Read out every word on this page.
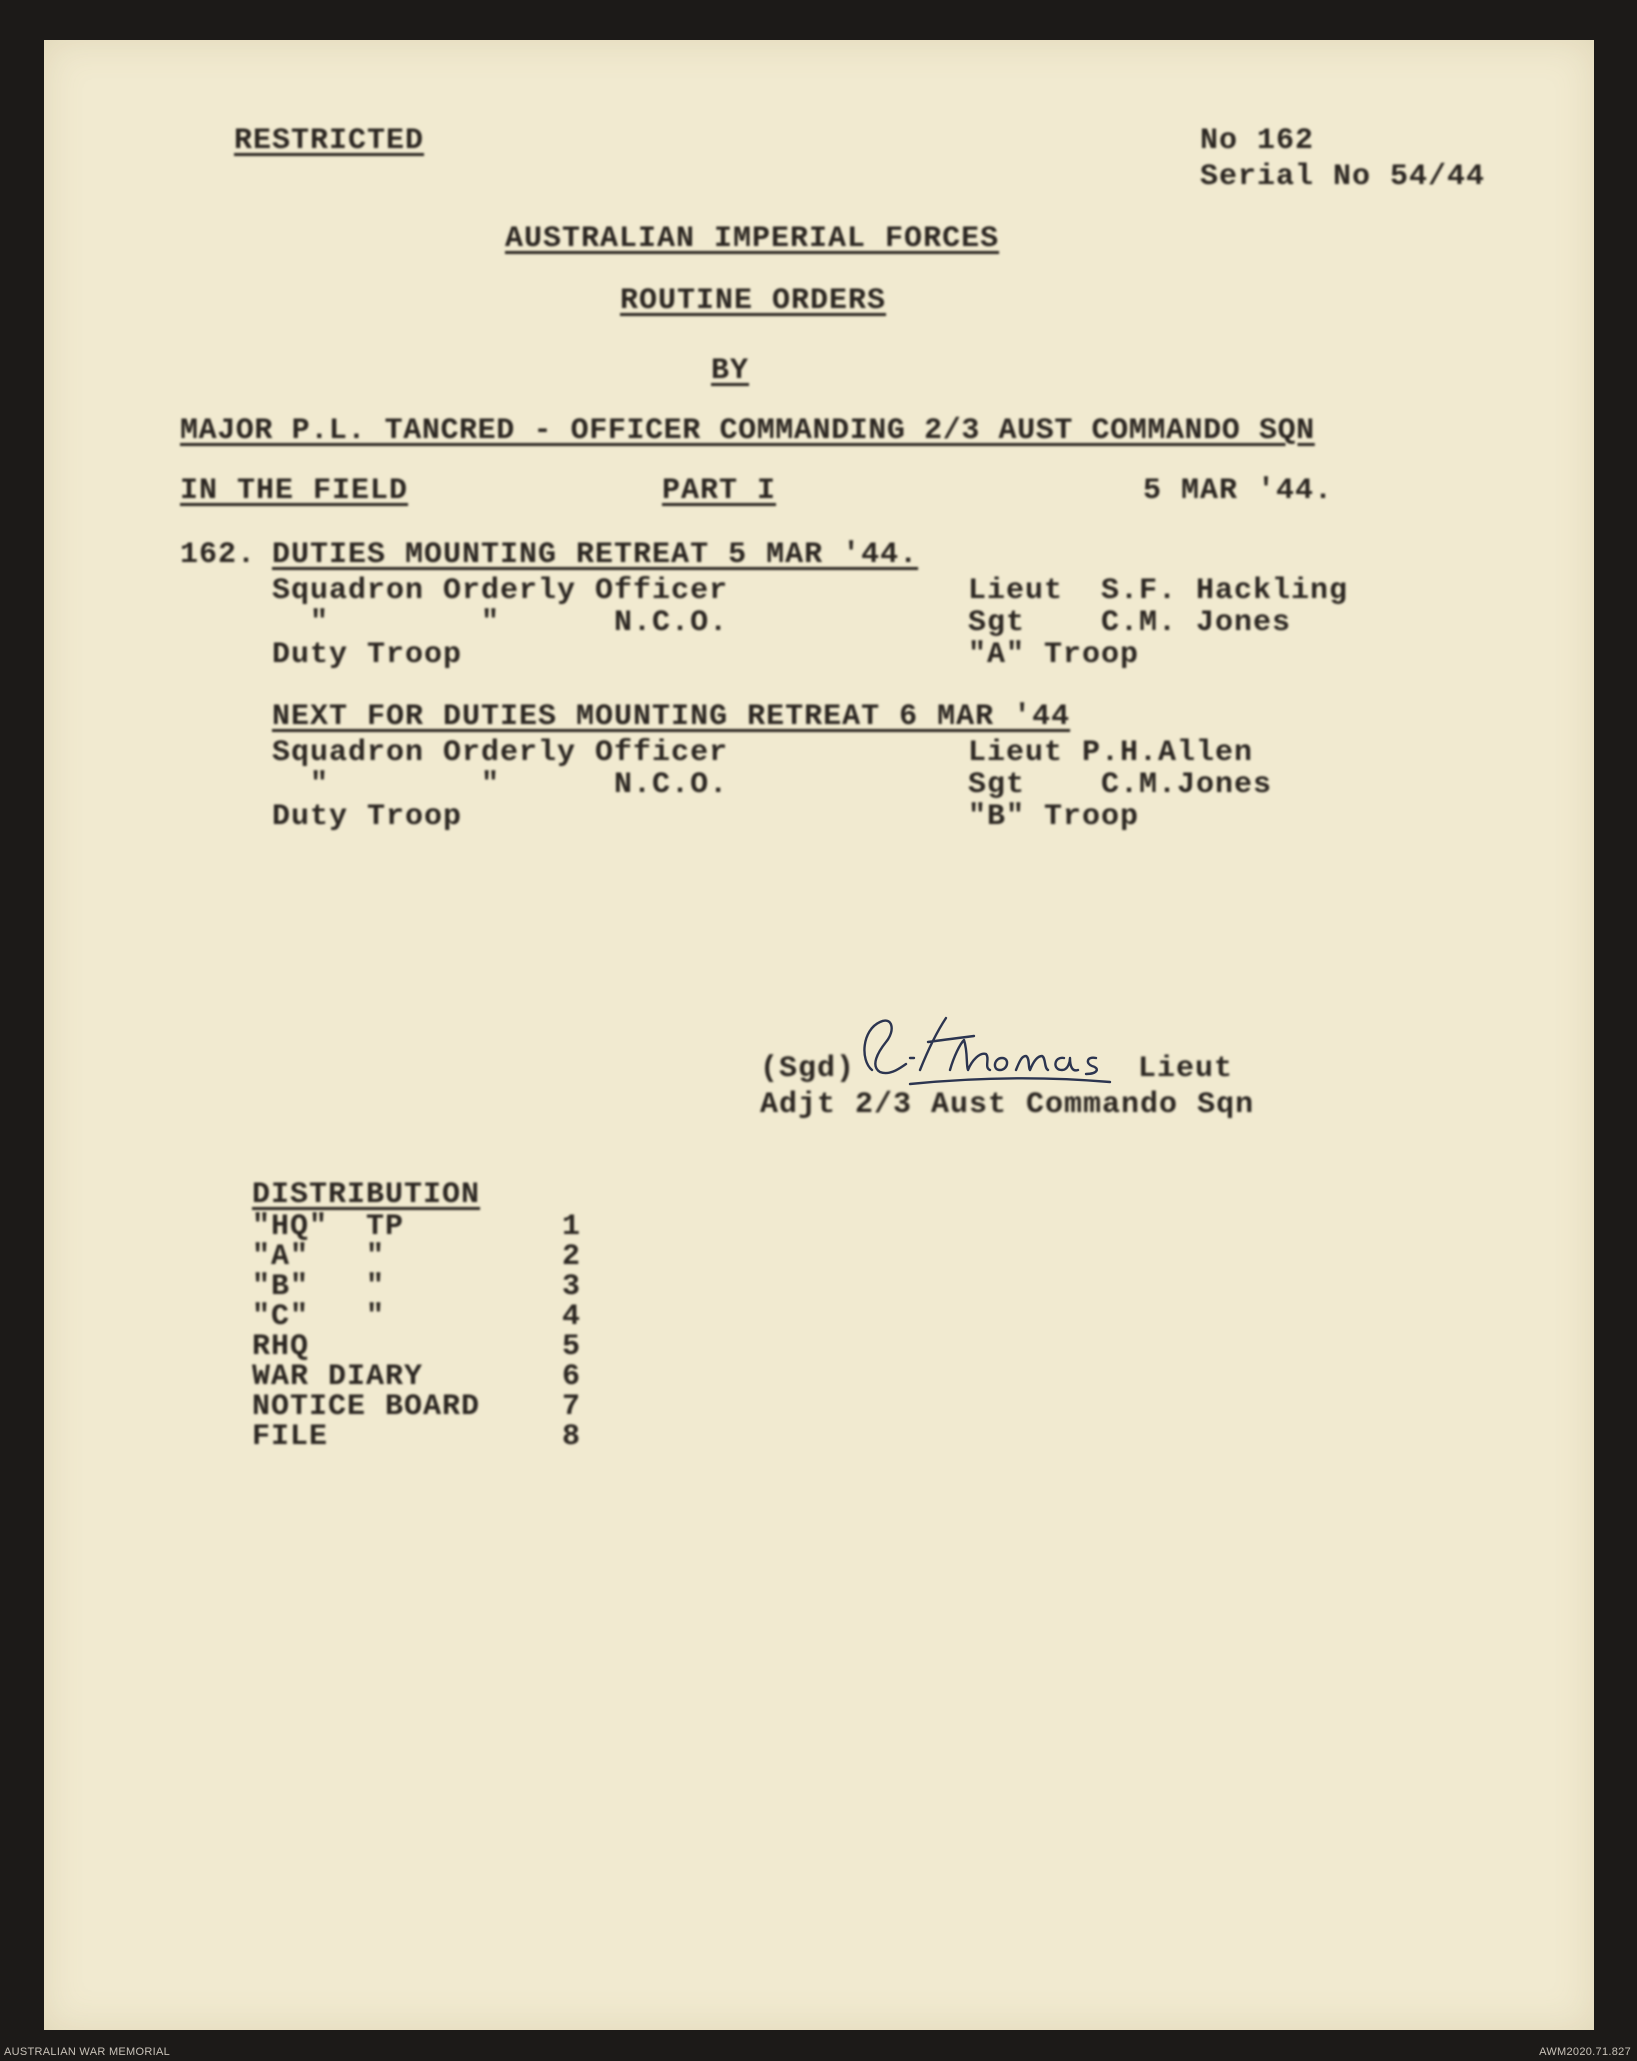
RESTRICTED	No 162
Serial No 54/44
AUSTRALIAN IMPERIAL FORCES
ROUTINE ORDERS
BY
MAJOR P.L. TANCRED - OFFICER COMMANDING 2/3 AUST COMMANDO SQN
IN THE FIELD	PART I	5 MAR '44.
162. DUTIES MOUNTING RETREAT 5 MAR '44.
Squadron Orderly Officer	Lieut  S.F. Hackling
"        "      N.C.O.	Sgt    C.M. Jones
Duty Troop	"A" Troop
NEXT FOR DUTIES MOUNTING RETREAT 6 MAR '44
Squadron Orderly Officer	Lieut P.H.Allen
"        "      N.C.O.	Sgt    C.M.Jones
Duty Troop	"B" Troop
(Sgd)	Lieut
Adjt 2/3 Aust Commando Sqn
DISTRIBUTION
"HQ"  TP	1
"A"   "	2
"B"   "	3
"C"   "	4
RHQ	5
WAR DIARY	6
NOTICE BOARD	7
FILE	8
AUSTRALIAN WAR MEMORIAL	AWM2020.71.827
